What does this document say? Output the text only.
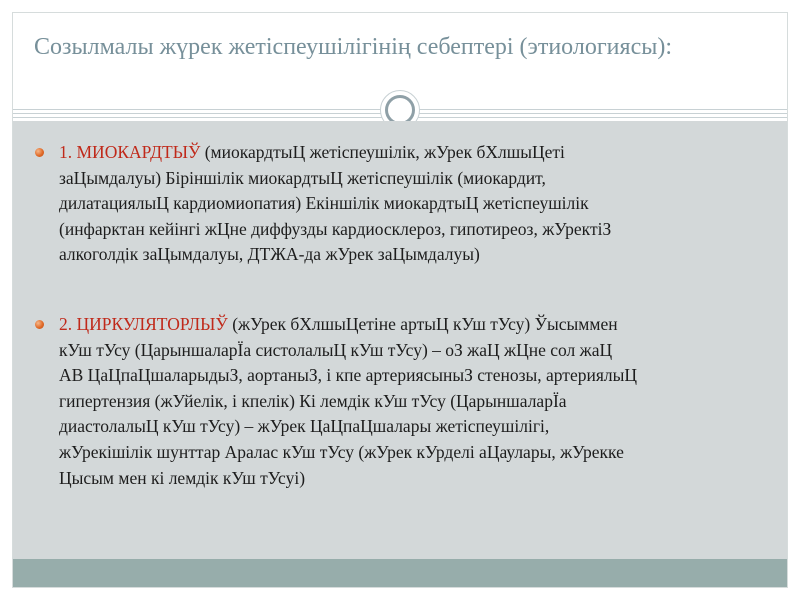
Созылмалы жүрек жетіспеушілігінің себептері (этиологиясы):

1. МИОКАРДТЫЎ (миокардтыЦ жетіспеушілік, жУрек бХлшыЦеті
заЦымдалуы) Біріншілік миокардтыЦ жетіспеушілік (миокардит,
дилатациялыЦ кардиомиопатия) Екіншілік миокардтыЦ жетіспеушілік
(инфарктан кейінгі жЦне диффузды кардиосклероз, гипотиреоз, жУректіЗ
алкоголдік заЦымдалуы, ДТЖА-да жУрек заЦымдалуы)

2. ЦИРКУЛЯТОРЛЫЎ (жУрек бХлшыЦетіне артыЦ кУш тУсу) Ўысыммен
кУш тУсу (ЦарыншаларЇа систолалыЦ кУш тУсу) – оЗ жаЦ жЦне сол жаЦ
АВ ЦаЦпаЦшаларыдыЗ, аортаныЗ, і кпе артериясыныЗ стенозы, артериялыЦ
гипертензия (жУйелік, і кпелік) Кі лемдік кУш тУсу (ЦарыншаларЇа
диастолалыЦ кУш тУсу) – жУрек ЦаЦпаЦшалары жетіспеушілігі,
жУрекішілік шунттар Аралас кУш тУсу (жУрек кУрделі аЦаулары, жУрекке
Цысым мен кі лемдік кУш тУсуі)
